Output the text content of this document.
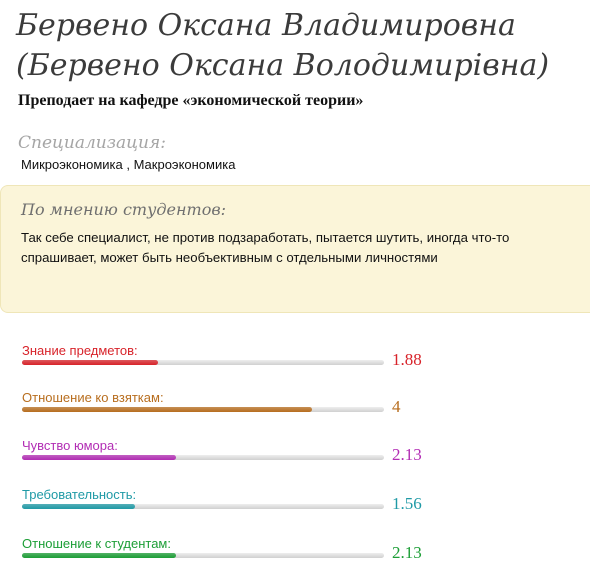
Бервено Оксана Владимировна (Бервено Оксана Володимирівна)
Преподает на кафедре «экономической теории»
Специализация:
Микроэкономика , Макроэкономика
По мнению студентов:
Так себе специалист, не против подзаработать, пытается шутить, иногда что-то спрашивает, может быть необъективным с отдельными личностями
Знание предметов:	1.88
Отношение ко взяткам:	4
Чувство юмора:	2.13
Требовательность:	1.56
Отношение к студентам:	2.13
